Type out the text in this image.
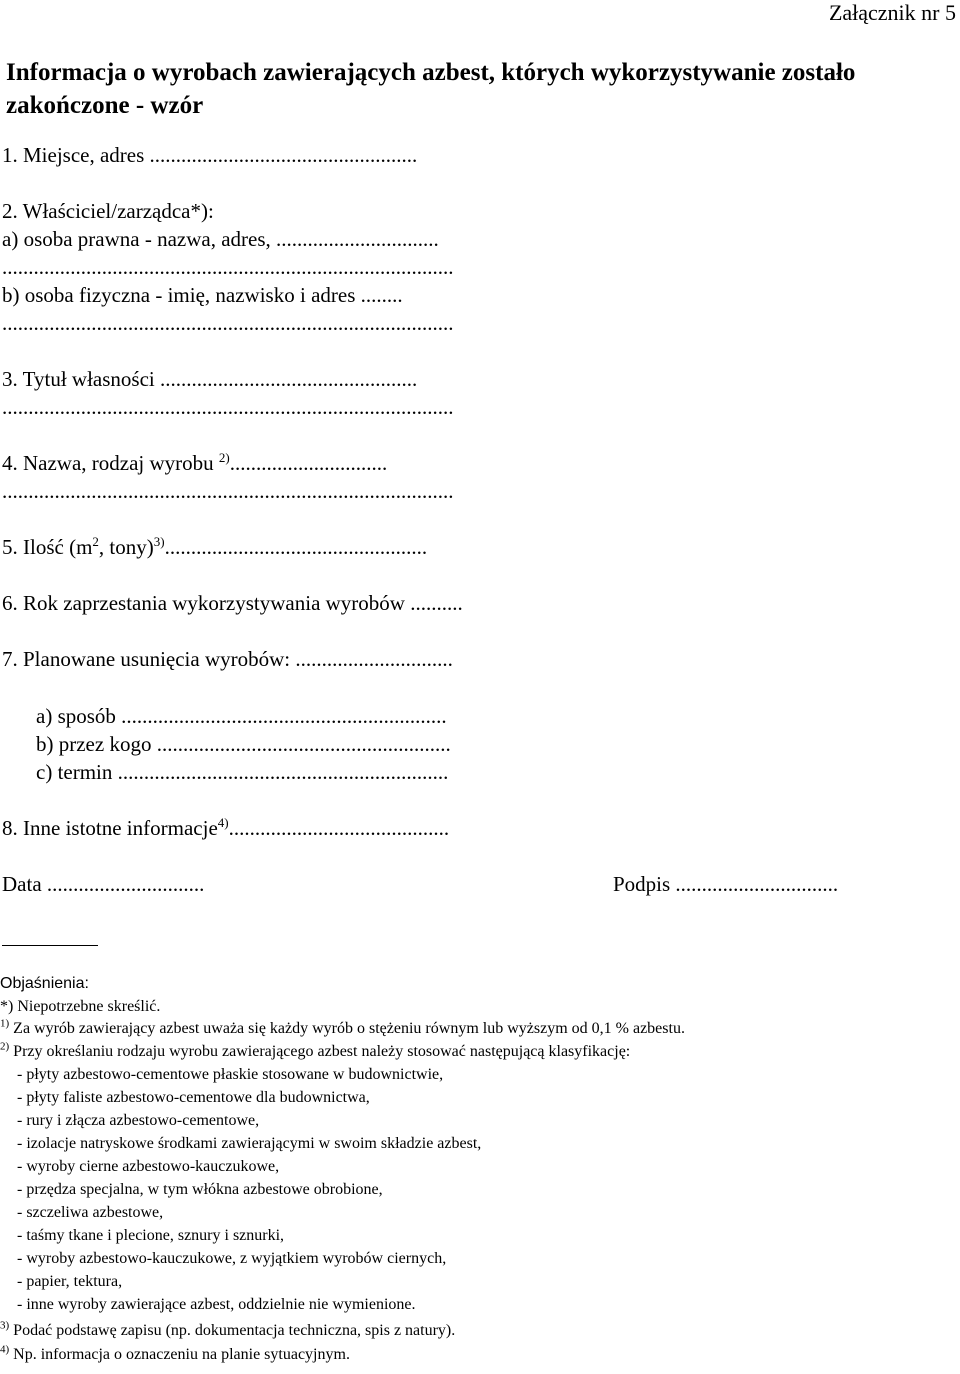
Załącznik nr 5
Informacja o wyrobach zawierających azbest, których wykorzystywanie zostało zakończone - wzór
1. Miejsce, adres ...................................................
2. Właściciel/zarządca*):
a) osoba prawna - nazwa, adres, ...............................
......................................................................................
b) osoba fizyczna - imię, nazwisko i adres ........
......................................................................................
3. Tytuł własności .................................................
......................................................................................
4. Nazwa, rodzaj wyrobu $^{2)}$..............................
......................................................................................
5. Ilość ($m^2$, tony)$^{3)}$..................................................
6. Rok zaprzestania wykorzystywania wyrobów ..........
7. Planowane usunięcia wyrobów: ..............................
a) sposób ..............................................................
b) przez kogo ........................................................
c) termin ...............................................................
8. Inne istotne informacje$^{4)}$..........................................
Data ..............................	Podpis ...............................
Objaśnienia:
*) Niepotrzebne skreślić.
$^{1)}$ Za wyrób zawierający azbest uważa się każdy wyrób o stężeniu równym lub wyższym od 0,1 % azbestu.
$^{2)}$ Przy określaniu rodzaju wyrobu zawierającego azbest należy stosować następującą klasyfikację:
- płyty azbestowo-cementowe płaskie stosowane w budownictwie,
- płyty faliste azbestowo-cementowe dla budownictwa,
- rury i złącza azbestowo-cementowe,
- izolacje natryskowe środkami zawierającymi w swoim składzie azbest,
- wyroby cierne azbestowo-kauczukowe,
- przędza specjalna, w tym włókna azbestowe obrobione,
- szczeliwa azbestowe,
- taśmy tkane i plecione, sznury i sznurki,
- wyroby azbestowo-kauczukowe, z wyjątkiem wyrobów ciernych,
- papier, tektura,
- inne wyroby zawierające azbest, oddzielnie nie wymienione.
$^{3)}$ Podać podstawę zapisu (np. dokumentacja techniczna, spis z natury).
$^{4)}$ Np. informacja o oznaczeniu na planie sytuacyjnym.
